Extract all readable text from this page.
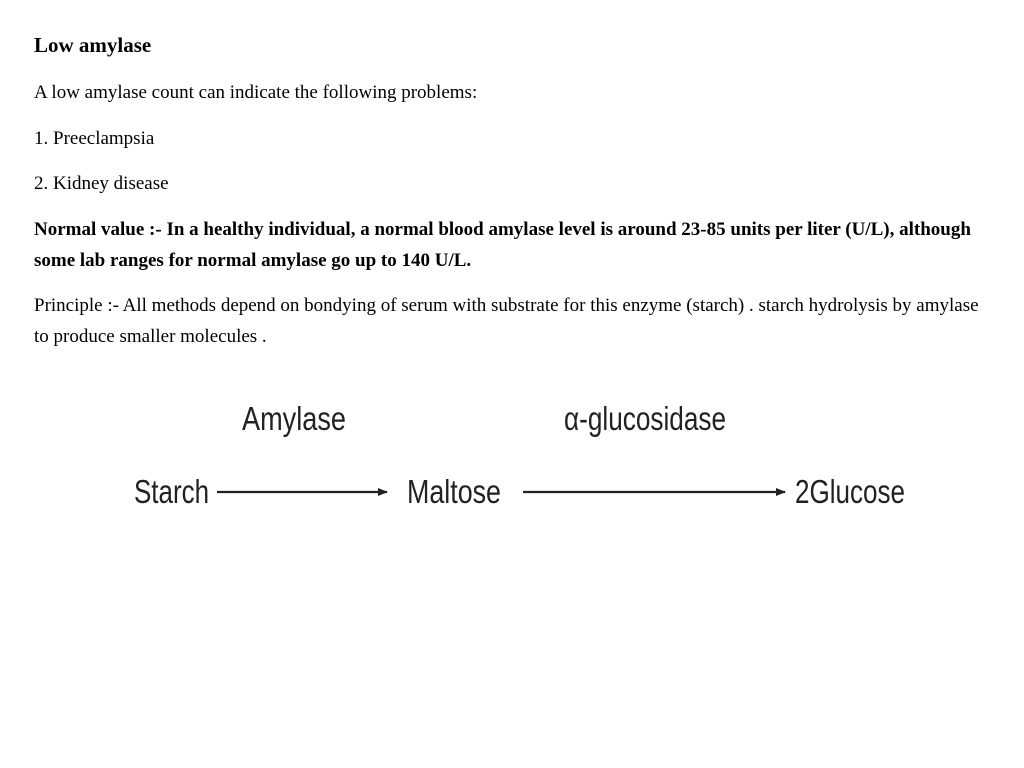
Low amylase

A low amylase count can indicate the following problems:

1. Preeclampsia

2. Kidney disease

Normal value :- In a healthy individual, a normal blood amylase level is around 23-85 units per liter (U/L), although some lab ranges for normal amylase go up to 140 U/L.

Principle :- All methods depend on bondying of serum with substrate for this enzyme (starch) . starch hydrolysis by amylase to produce smaller molecules .

Amylase	α-glucosidase
Starch	Maltose	2Glucose
